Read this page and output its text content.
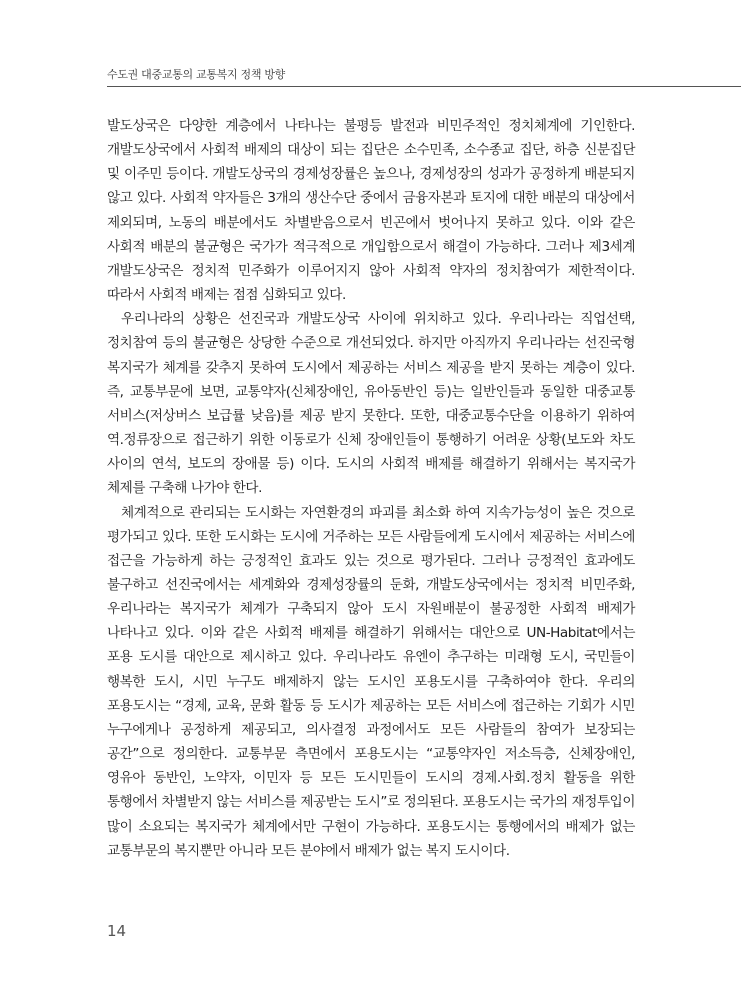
수도권 대중교통의 교통복지 정책 방향

발도상국은 다양한 계층에서 나타나는 불평등 발전과 비민주적인 정치체계에 기인한다. 개발도상국에서 사회적 배제의 대상이 되는 집단은 소수민족, 소수종교 집단, 하층 신분집단 및 이주민 등이다. 개발도상국의 경제성장률은 높으나, 경제성장의 성과가 공정하게 배분되지 않고 있다. 사회적 약자들은 3개의 생산수단 중에서 금융자본과 토지에 대한 배분의 대상에서 제외되며, 노동의 배분에서도 차별받음으로서 빈곤에서 벗어나지 못하고 있다. 이와 같은 사회적 배분의 불균형은 국가가 적극적으로 개입함으로서 해결이 가능하다. 그러나 제3세계 개발도상국은 정치적 민주화가 이루어지지 않아 사회적 약자의 정치참여가 제한적이다. 따라서 사회적 배제는 점점 심화되고 있다.

우리나라의 상황은 선진국과 개발도상국 사이에 위치하고 있다. 우리나라는 직업선택, 정치참여 등의 불균형은 상당한 수준으로 개선되었다. 하지만 아직까지 우리나라는 선진국형 복지국가 체계를 갖추지 못하여 도시에서 제공하는 서비스 제공을 받지 못하는 계층이 있다. 즉, 교통부문에 보면, 교통약자(신체장애인, 유아동반인 등)는 일반인들과 동일한 대중교통 서비스(저상버스 보급률 낮음)를 제공 받지 못한다. 또한, 대중교통수단을 이용하기 위하여 역.정류장으로 접근하기 위한 이동로가 신체 장애인들이 통행하기 어려운 상황(보도와 차도 사이의 연석, 보도의 장애물 등) 이다. 도시의 사회적 배제를 해결하기 위해서는 복지국가 체제를 구축해 나가야 한다.

체계적으로 관리되는 도시화는 자연환경의 파괴를 최소화 하여 지속가능성이 높은 것으로 평가되고 있다. 또한 도시화는 도시에 거주하는 모든 사람들에게 도시에서 제공하는 서비스에 접근을 가능하게 하는 긍정적인 효과도 있는 것으로 평가된다. 그러나 긍정적인 효과에도 불구하고 선진국에서는 세계화와 경제성장률의 둔화, 개발도상국에서는 정치적 비민주화, 우리나라는 복지국가 체계가 구축되지 않아 도시 자원배분이 불공정한 사회적 배제가 나타나고 있다. 이와 같은 사회적 배제를 해결하기 위해서는 대안으로 UN-Habitat에서는 포용 도시를 대안으로 제시하고 있다. 우리나라도 유엔이 추구하는 미래형 도시, 국민들이 행복한 도시, 시민 누구도 배제하지 않는 도시인 포용도시를 구축하여야 한다. 우리의 포용도시는 “경제, 교육, 문화 활동 등 도시가 제공하는 모든 서비스에 접근하는 기회가 시민 누구에게나 공정하게 제공되고, 의사결정 과정에서도 모든 사람들의 참여가 보장되는 공간”으로 정의한다. 교통부문 측면에서 포용도시는 “교통약자인 저소득층, 신체장애인, 영유아 동반인, 노약자, 이민자 등 모든 도시민들이 도시의 경제.사회.정치 활동을 위한 통행에서 차별받지 않는 서비스를 제공받는 도시”로 정의된다. 포용도시는 국가의 재정투입이 많이 소요되는 복지국가 체계에서만 구현이 가능하다. 포용도시는 통행에서의 배제가 없는 교통부문의 복지뿐만 아니라 모든 분야에서 배제가 없는 복지 도시이다.

14
